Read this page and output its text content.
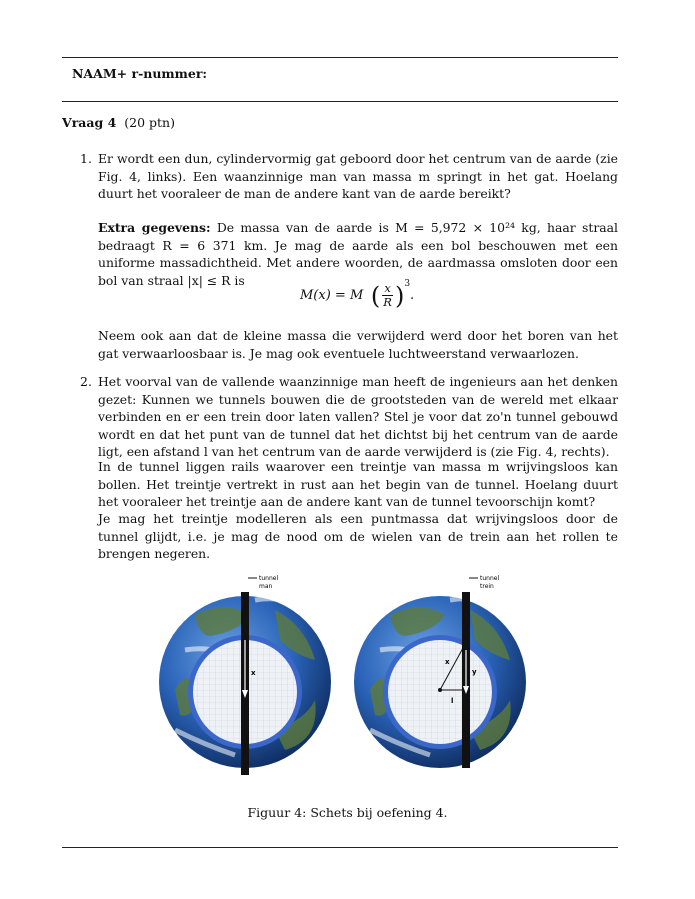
NAAM+ r-nummer:
Vraag 4 (20 ptn)
1. Er wordt een dun, cylindervormig gat geboord door het centrum van de aarde (zie Fig. 4, links). Een waanzinnige man van massa m springt in het gat. Hoelang duurt het vooraleer de man de andere kant van de aarde bereikt?
Extra gegevens: De massa van de aarde is M = 5,972 × 10²⁴ kg, haar straal bedraagt R = 6 371 km. Je mag de aarde als een bol beschouwen met een uniforme massadichtheid. Met andere woorden, de aardmassa omsloten door een bol van straal |x| ≤ R is
M(x) = M ( $\frac{x}{R}$ ) 3
.
Neem ook aan dat de kleine massa die verwijderd werd door het boren van het gat verwaarloosbaar is. Je mag ook eventuele luchtweerstand verwaarlozen.
2. Het voorval van de vallende waanzinnige man heeft de ingenieurs aan het denken gezet: Kunnen we tunnels bouwen die de grootsteden van de wereld met elkaar verbinden en er een trein door laten vallen? Stel je voor dat zo'n tunnel gebouwd wordt en dat het punt van de tunnel dat het dichtst bij het centrum van de aarde ligt, een afstand l van het centrum van de aarde verwijderd is (zie Fig. 4, rechts).
In de tunnel liggen rails waarover een treintje van massa m wrijvingsloos kan bollen. Het treintje vertrekt in rust aan het begin van de tunnel. Hoelang duurt het vooraleer het treintje aan de andere kant van de tunnel tevoorschijn komt?
Je mag het treintje modelleren als een puntmassa dat wrijvingsloos door de tunnel glijdt, i.e. je mag de nood om de wielen van de trein aan het rollen te brengen negeren.
tunnel
man
x
tunnel
trein
x
y
l
Figuur 4: Schets bij oefening 4.
